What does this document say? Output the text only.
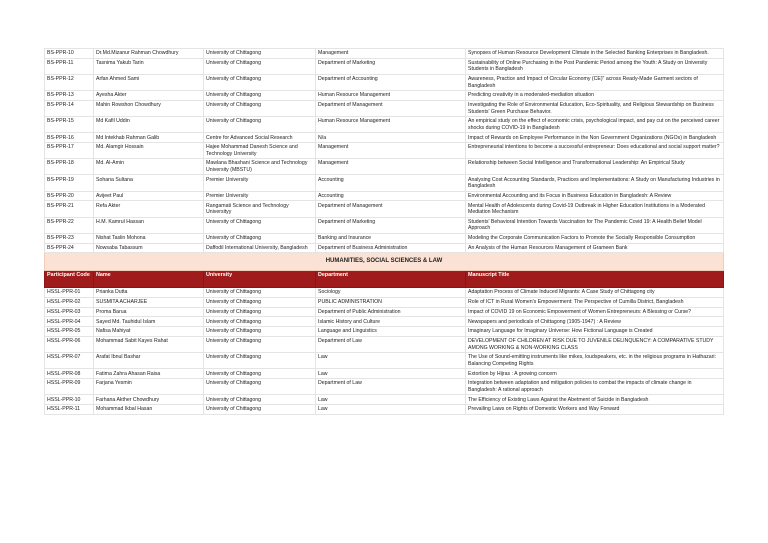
BS-PPR-10	Dr.Md.Mizanur Rahman Chowdhury	University of Chittagong	Management	Synopses of Human Resource Development Climate in the Selected Banking Enterprises in Bangladesh.
BS-PPR-11	Tasnima Yakub Tarin	University of Chittagong	Department of Marketing	Sustainability of Online Purchasing in the Post Pandemic Period among the Youth: A Study on University Students in Bangladesh
BS-PPR-12	Arfan Ahmed Sami	University of Chittagong	Department of Accounting	Awareness, Practice and Impact of Circular Economy (CE)" across Ready-Made Garment sectors of Bangladesh
BS-PPR-13	Ayesha Akter	University of Chittagong	Human Resource Management	Predicting creativity in a moderated-mediation situation
BS-PPR-14	Mahin Rowshon Chowdhury	University of Chittagong	Department of Management	Investigating the Role of Environmental Education, Eco-Spirituality, and Religious Stewardship on Business Students' Green Purchase Behavior.
BS-PPR-15	Md Kafil Uddin	University of Chittagong	Human Resource Management	An empirical study on the effect of economic crisis, psychological impact, and pay cut on the perceived career shocks during COVID-19 in Bangladesh
BS-PPR-16	Md Intekhab Rahman Galib	Centre for Advanced Social Research	N/a	Impact of Rewards on Employee Performance in the Non Government Organizations (NGOs) in Bangladesh
BS-PPR-17	Md. Alamgir Hossain	Hajee Mohammad Danesh Science and Technology University	Management	Entrepreneurial intentions to become a successful entrepreneur: Does educational and social support matter?
BS-PPR-18	Md. Al-Amin	Mawlana Bhashani Science and Technology University (MBSTU)	Management	Relationship between Social Intelligence and Transformational Leadership: An Empirical Study
BS-PPR-19	Sohana Sultana	Premier University	Accounting	Analysing Cost Accounting Standards, Practices and Implementations: A Study on Manufacturing Industries in Bangladesh
BS-PPR-20	Avijeet Paul	Premier University	Accounting	Environmental Accounting and its Focus in Business Education in Bangladesh: A Review
BS-PPR-21	Refa Akter	Rangamati Science and Technology Universityy	Department of Management	Mental Health of Adolescents during Covid-19 Outbreak in Higher Education Institutions in a Moderated Mediation Mechanism
BS-PPR-22	H.M. Kamrul Hassan	University of Chittagong	Department of Marketing	Students' Behavioral Intention Towards Vaccination for The Pandemic Covid 19: A Health Belief Model Approach
BS-PPR-23	Nishat Taslin Mohona	University of Chittagong	Banking and Insurance	Modeling the Corporate Communication Factors to Promote the Socially Responsible Consumption
BS-PPR-24	Nowsaba Tabassum	Daffodil International University, Bangladesh	Department of Business Administration	An Analysis of the Human Resources Management of Grameen Bank
HUMANITIES, SOCIAL SCIENCES & LAW				
Participant Code	Name	University	Department	Manuscript Title
HSSL-PPR-01	Prianka Dutta	University of Chittagong	Sociology	Adaptation Process of Climate Induced Migrants: A Case Study of Chittagong city
HSSL-PPR-02	SUSMITA ACHARJEE	University of Chittagong	PUBLIC ADMINISTRATION	Role of ICT in Rural Women's Empowerment: The Perspective of Cumilla District, Bangladesh
HSSL-PPR-03	Proma Barua	University of Chittagong	Department of Public Administration	Impact of COVID 19 on Economic Empowerment of Women Entrepreneurs: A Blessing or Curse?
HSSL-PPR-04	Sayed Md. Tauhidul Islam	University of Chittagong	Islamic History and Culture	Newspapers and periodicals of Chittagong (1905-1947) : A Review
HSSL-PPR-05	Nafisa Mahiyat	University of Chittagong	Language and Linguistics	Imaginary Language for Imaginary Universe: How Fictional Language is Created
HSSL-PPR-06	Mohammad Sabit Kayes Rahat	University of Chittagong	Department of Law	DEVELOPMENT OF CHILDREN AT RISK DUE TO JUVENILE DELINQUENCY: A COMPARATIVE STUDY AMONG WORKING & NON-WORKING CLASS
HSSL-PPR-07	Arafat Ibnul Bashar	University of Chittagong	Law	The Use of Sound-emitting instruments like mikes, loudspeakers, etc. in the religious programs in Hathazari: Balancing Competing Rights
HSSL-PPR-08	Fatima Zahra Ahasan Raisa	University of Chittagong	Law	Extortion by Hijras : A growing concern
HSSL-PPR-09	Farjana Yesmin	University of Chittagong	Department of Law	Integration between adaptation and mitigation policies to combat the impacts of climate change in Bangladesh: A rational approach
HSSL-PPR-10	Farhana Akther Chowdhury	University of Chittagong	Law	The Efficiency of Existing Laws Against the Abetment of Suicide in Bangladesh
HSSL-PPR-11	Mohammad Ikbal Hasan	University of Chittagong	Law	Prevailing Laws on Rights of Domestic Workers and Way Forward
